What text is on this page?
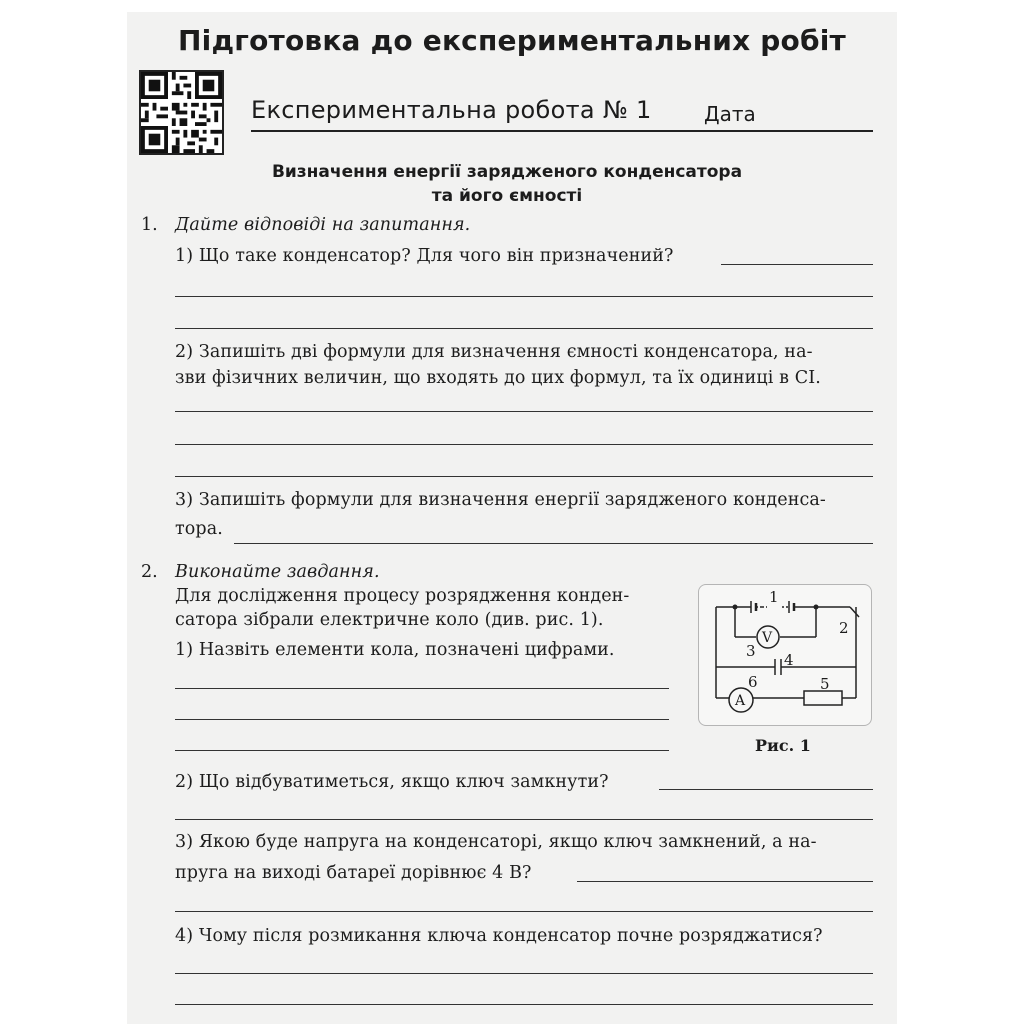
Підготовка до експериментальних робіт
Експериментальна робота № 1	Дата
Визначення енергії зарядженого конденсатора
та його ємності
1. Дайте відповіді на запитання.
1) Що таке конденсатор? Для чого він призначений?
2) Запишіть дві формули для визначення ємності конденсатора, на-
зви фізичних величин, що входять до цих формул, та їх одиниці в СІ.
3) Запишіть формули для визначення енергії зарядженого конденса-
тора.
2. Виконайте завдання.
Для дослідження процесу розрядження конден-
сатора зібрали електричне коло (див. рис. 1).
1) Назвіть елементи кола, позначені цифрами.
1
2
3 4
5
6
V
A
Рис. 1
2) Що відбуватиметься, якщо ключ замкнути?
3) Якою буде напруга на конденсаторі, якщо ключ замкнений, а на-
пруга на виході батареї дорівнює 4 В?
4) Чому після розмикання ключа конденсатор почне розряджатися?
